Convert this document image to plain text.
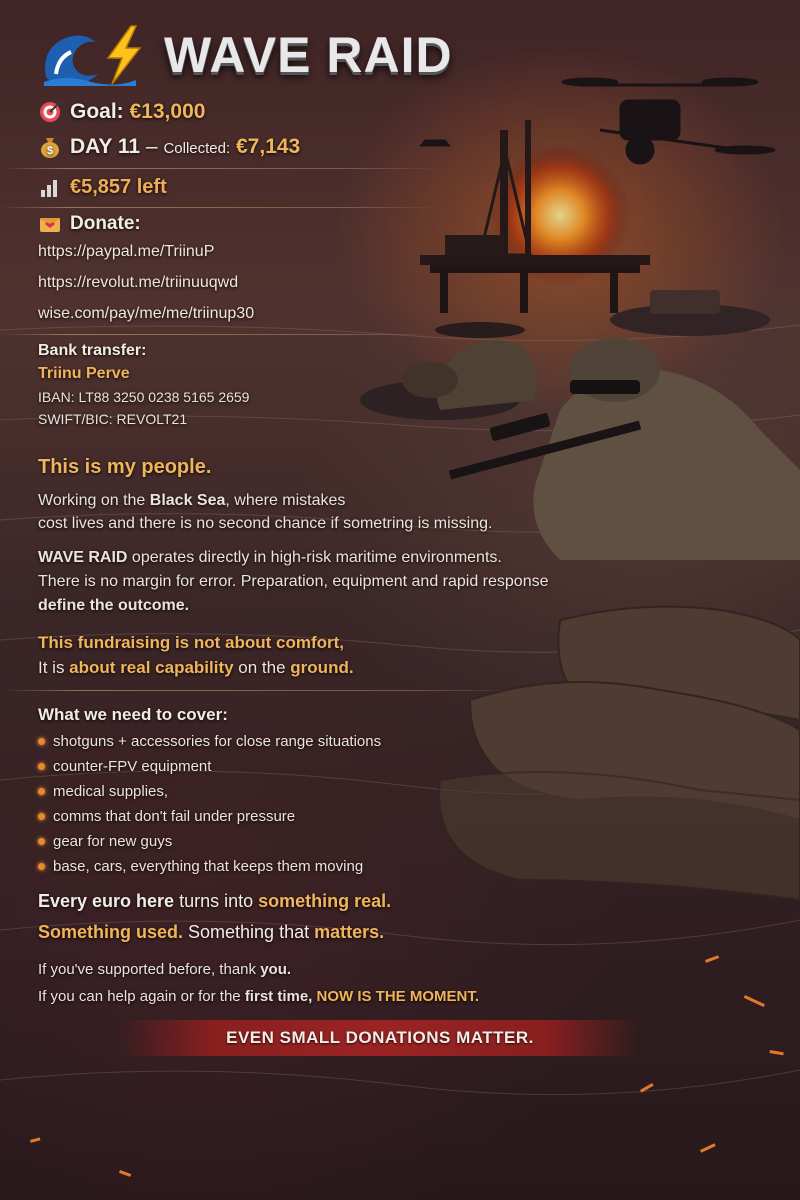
WAVE RAID
Goal: €13,000
$ DAY 11 – Collected: €7,143
€5,857 left
Donate:
https://paypal.me/TriinuP
https://revolut.me/triinuuqwd
wise.com/pay/me/me/triinup30
Bank transfer:
Triinu Perve
IBAN: LT88 3250 0238 5165 2659
SWIFT/BIC: REVOLT21
This is my people.
Working on the Black Sea, where mistakes
cost lives and there is no second chance if sometring is missing.
WAVE RAID operates directly in high-risk maritime environments.
There is no margin for error. Preparation, equipment and rapid response
define the outcome.
This fundraising is not about comfort,
It is about real capability on the ground.
What we need to cover:
shotguns + accessories for close range situations
counter-FPV equipment
medical supplies,
comms that don't fail under pressure
gear for new guys
base, cars, everything that keeps them moving
Every euro here turns into something real.
Something used. Something that matters.
If you've supported before, thank you.
If you can help again or for the first time, NOW IS THE MOMENT.
EVEN SMALL DONATIONS MATTER.
